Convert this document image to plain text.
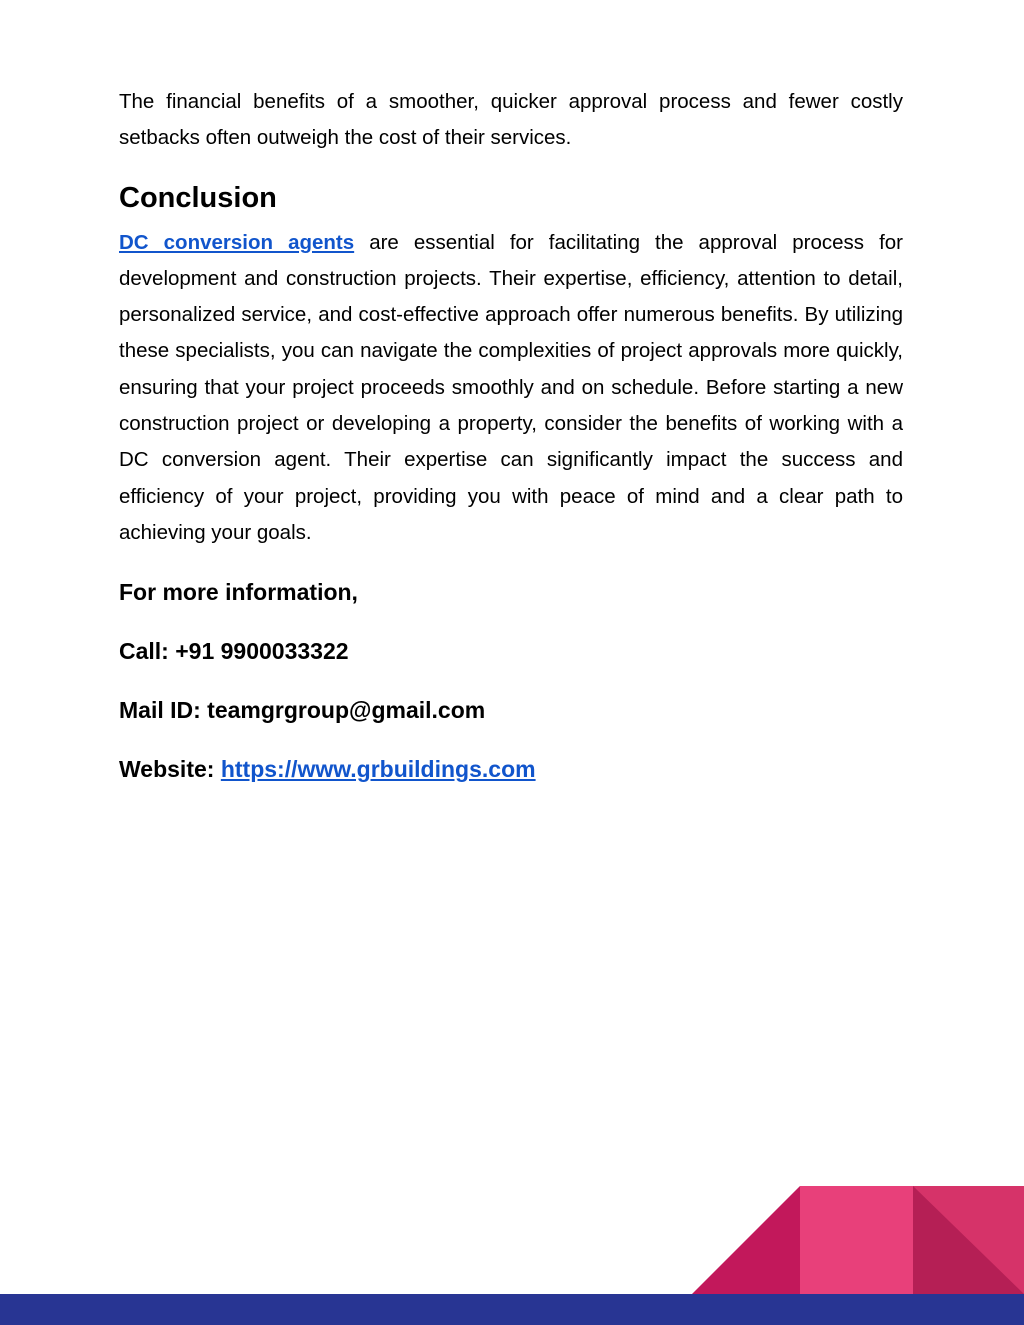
The financial benefits of a smoother, quicker approval process and fewer costly setbacks often outweigh the cost of their services.

Conclusion

DC conversion agents are essential for facilitating the approval process for development and construction projects. Their expertise, efficiency, attention to detail, personalized service, and cost-effective approach offer numerous benefits. By utilizing these specialists, you can navigate the complexities of project approvals more quickly, ensuring that your project proceeds smoothly and on schedule. Before starting a new construction project or developing a property, consider the benefits of working with a DC conversion agent. Their expertise can significantly impact the success and efficiency of your project, providing you with peace of mind and a clear path to achieving your goals.

For more information,

Call: +91 9900033322

Mail ID: teamgrgroup@gmail.com

Website: https://www.grbuildings.com
